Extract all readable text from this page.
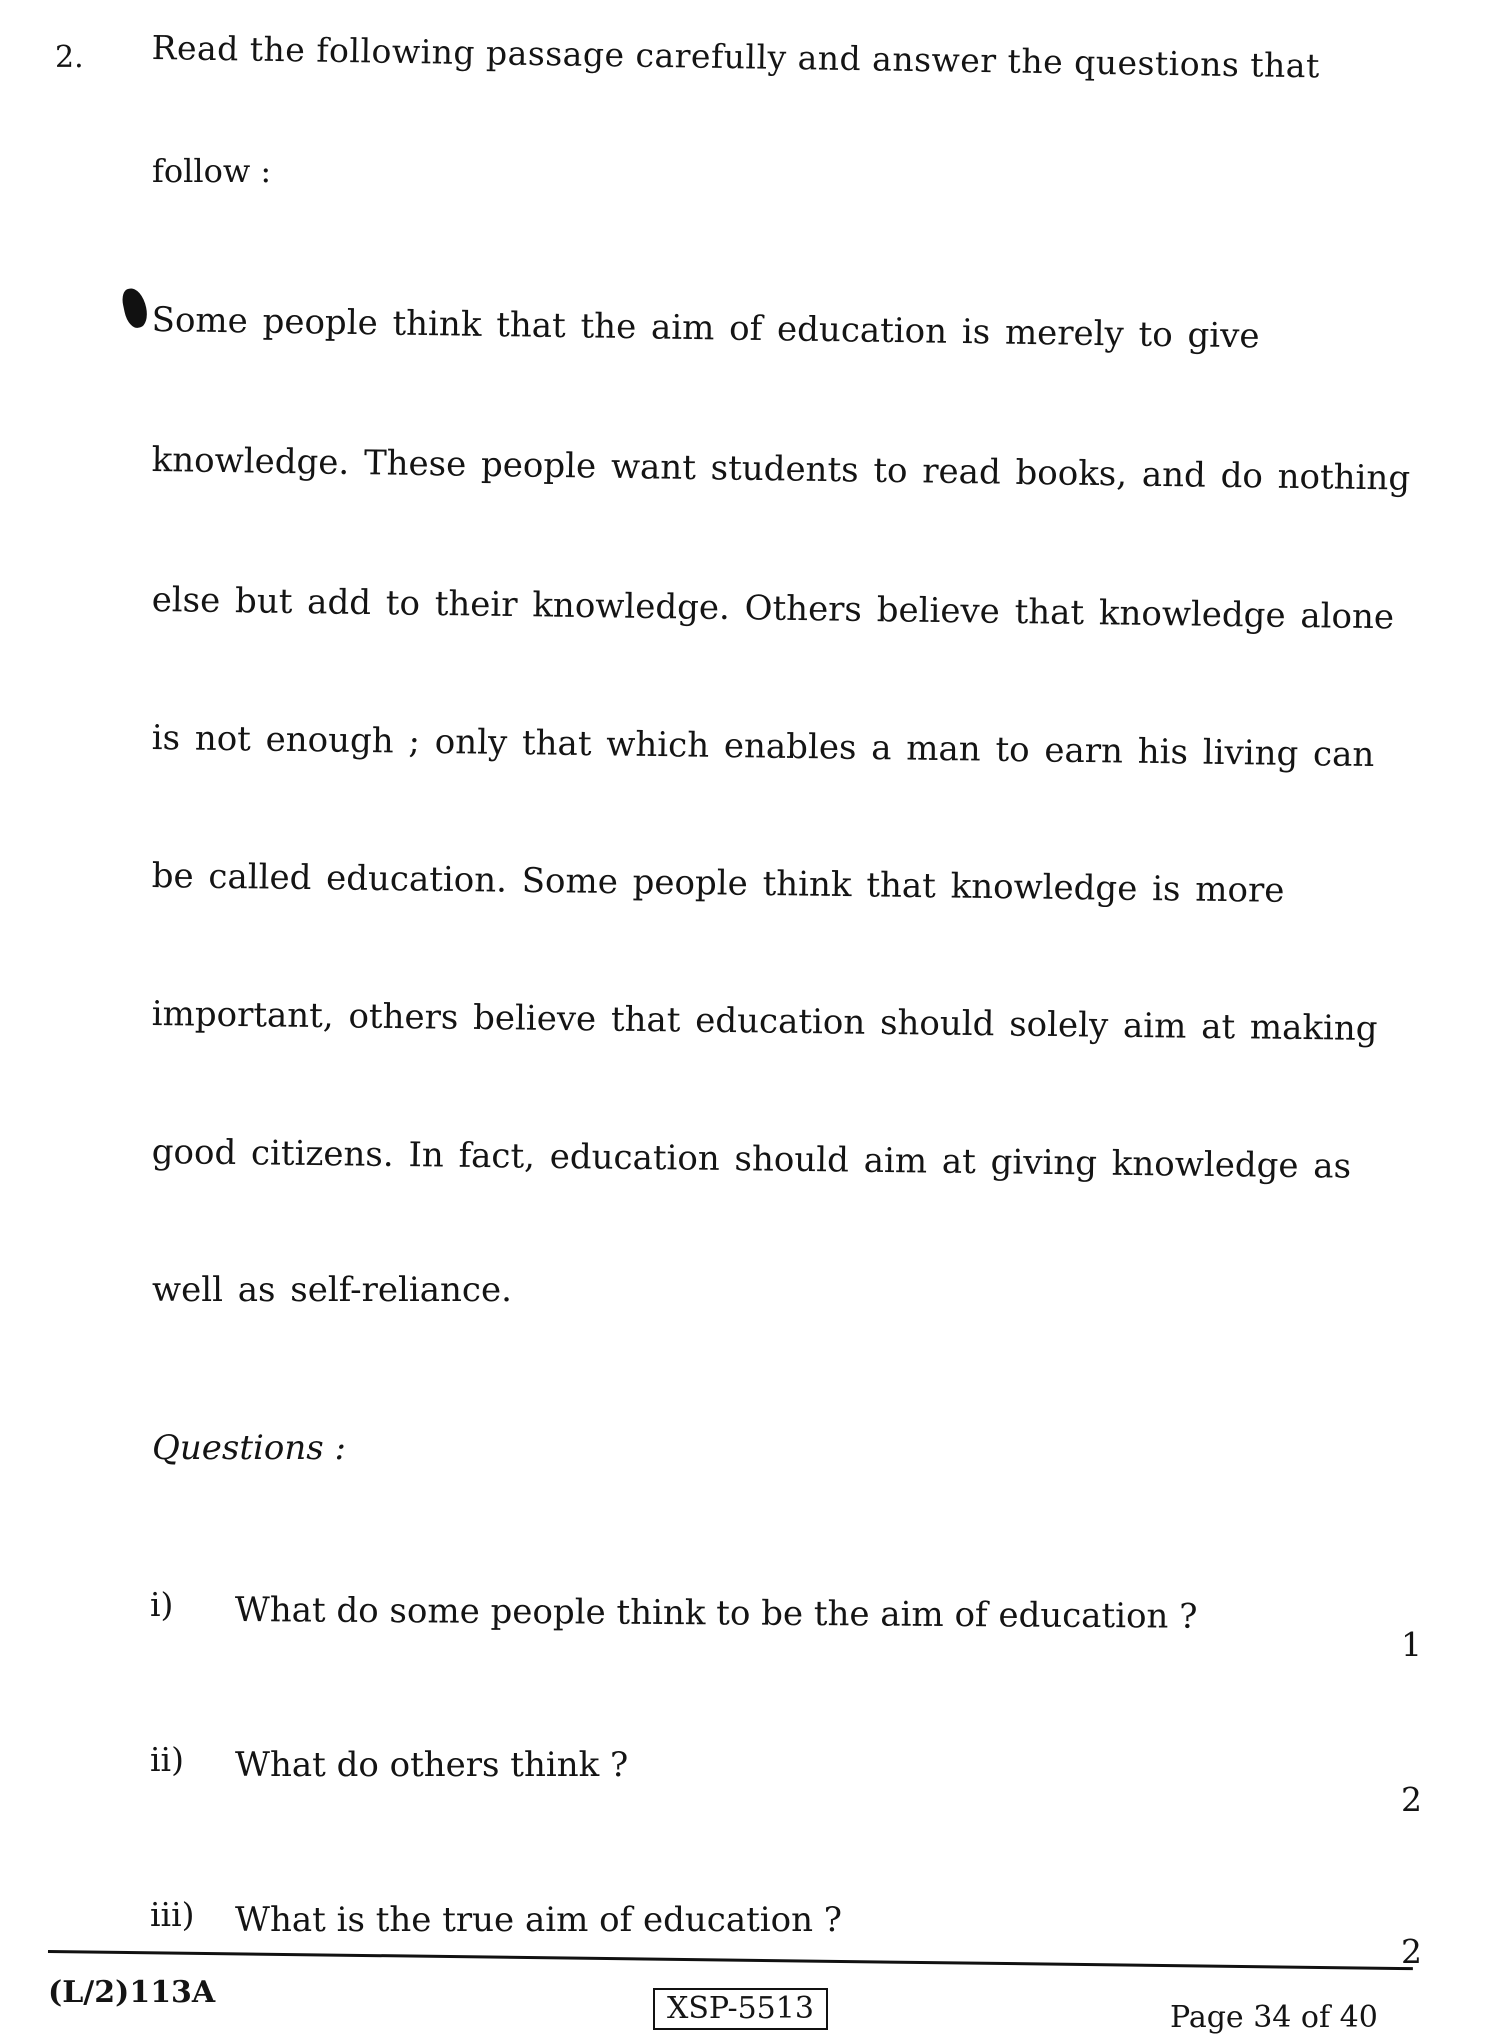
2. Read the following passage carefully and answer the questions that
follow :
Some people think that the aim of education is merely to give
knowledge. These people want students to read books, and do nothing
else but add to their knowledge. Others believe that knowledge alone
is not enough ; only that which enables a man to earn his living can
be called education. Some people think that knowledge is more
important, others believe that education should solely aim at making
good citizens. In fact, education should aim at giving knowledge as
well as self-reliance.
Questions :
i) What do some people think to be the aim of education ?
1
ii) What do others think ?
2
iii) What is the true aim of education ?
2
(L/2)113A	XSP-5513	Page 34 of 40
